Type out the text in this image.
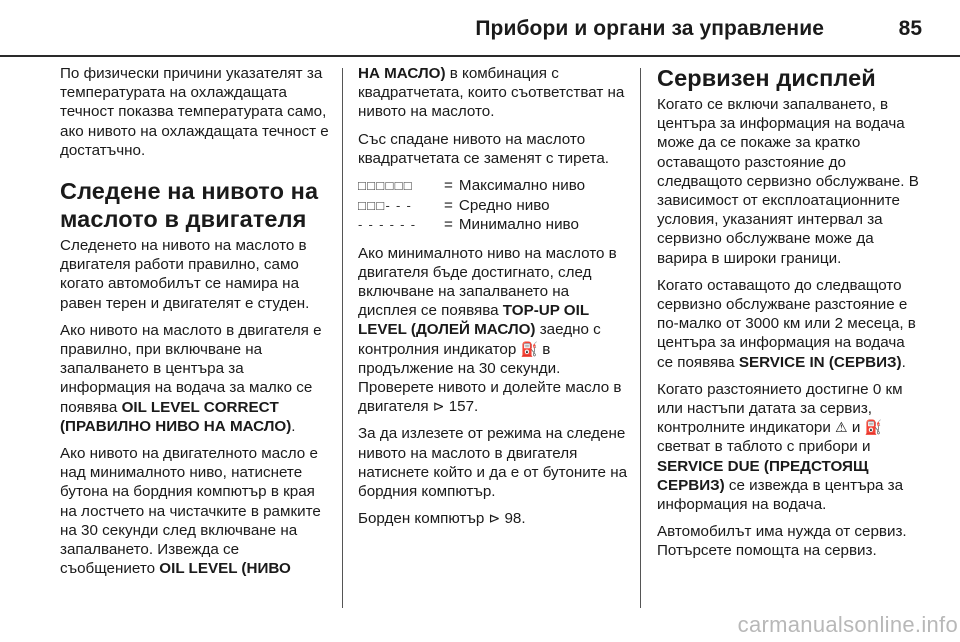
Прибори и органи за управление	85

По физически причини указателят за температурата на охлаждащата течност показва температурата само, ако нивото на охлаждащата течност е достатъчно.

Следене на нивото на маслото в двигателя

Следенето на нивото на маслото в двигателя работи правилно, само когато автомобилът се намира на равен терен и двигателят е студен.

Ако нивото на маслото в двигателя е правилно, при включване на запалването в центъра за информация на водача за малко се появява OIL LEVEL CORRECT (ПРАВИЛНО НИВО НА МАСЛО).

Ако нивото на двигателното масло е над минималното ниво, натиснете бутона на бордния компютър в края на лостчето на чистачките в рамките на 30 секунди след включване на запалването. Извежда се съобщението OIL LEVEL (НИВО

НА МАСЛО) в комбинация с квадратчетата, които съответстват на нивото на маслото.

Със спадане нивото на маслото квадратчетата се заменят с тирета.

□□□□□□	= Максимално ниво
□□□- - -	= Средно ниво
- - - - - -	= Минимално ниво

Ако минималното ниво на маслото в двигателя бъде достигнато, след включване на запалването на дисплея се появява TOP-UP OIL LEVEL (ДОЛЕЙ МАСЛО) заедно с контролния индикатор ⛽ в продължение на 30 секунди. Проверете нивото и долейте масло в двигателя ⊳ 157.

За да излезете от режима на следене нивото на маслото в двигателя натиснете който и да е от бутоните на бордния компютър.

Борден компютър ⊳ 98.

Сервизен дисплей

Когато се включи запалването, в центъра за информация на водача може да се покаже за кратко оставащото разстояние до следващото сервизно обслужване. В зависимост от експлоатационните условия, указаният интервал за сервизно обслужване може да варира в широки граници.

Когато оставащото до следващото сервизно обслужване разстояние е по-малко от 3000 км или 2 месеца, в центъра за информация на водача се появява SERVICE IN (СЕРВИЗ).

Когато разстоянието достигне 0 км или настъпи датата за сервиз, контролните индикатори ⚠ и ⛽ светват в таблото с прибори и SERVICE DUE (ПРЕДСТОЯЩ СЕРВИЗ) се извежда в центъра за информация на водача.

Автомобилът има нужда от сервиз. Потърсете помощта на сервиз.

carmanualsonline.info
